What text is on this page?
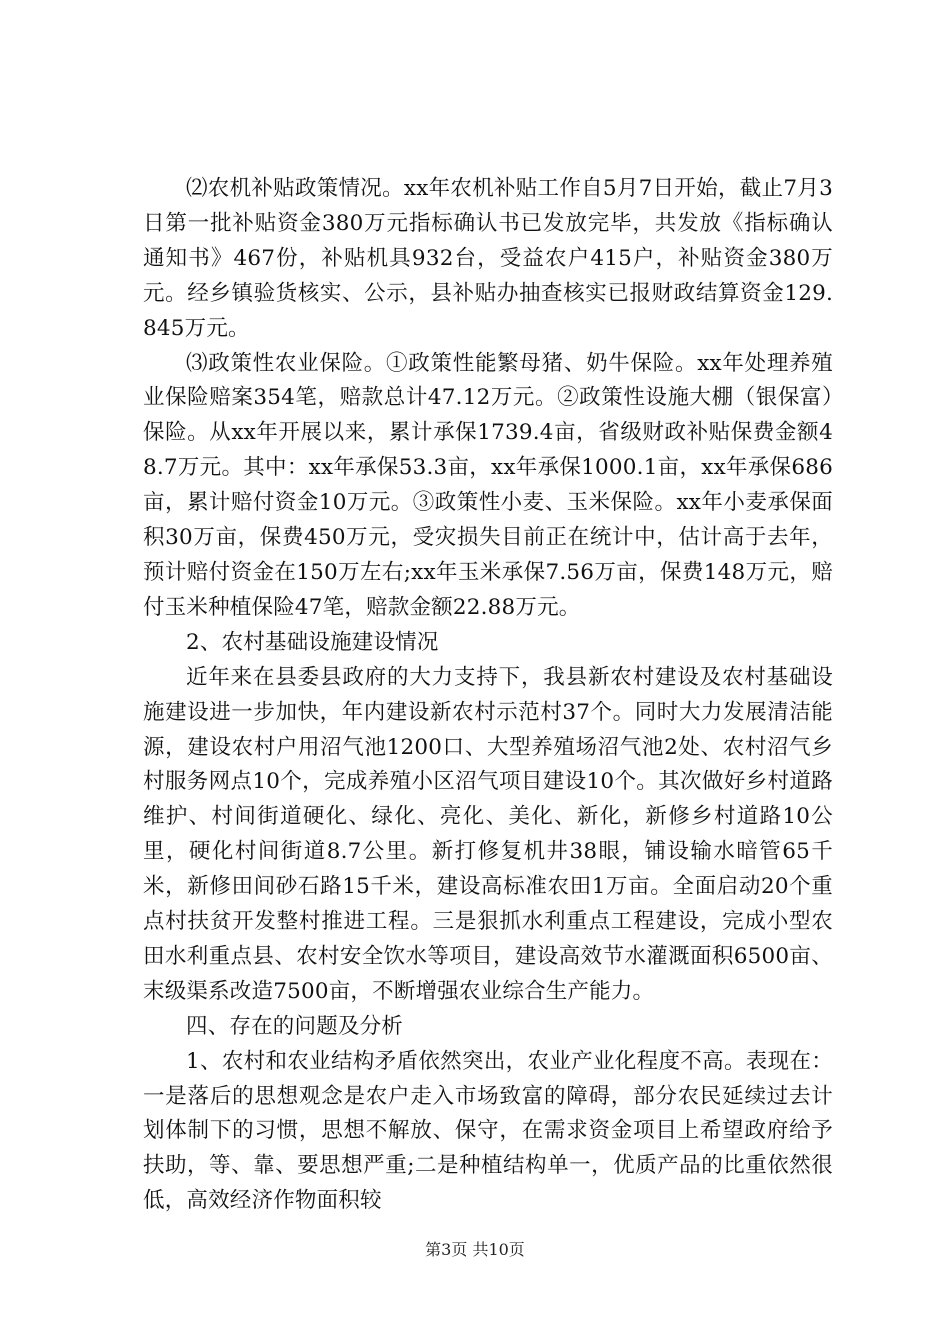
⑵农机补贴政策情况。xx年农机补贴工作自5月7日开始，截止7月3日第一批补贴资金380万元指标确认书已发放完毕，共发放《指标确认通知书》467份，补贴机具932台，受益农户415户，补贴资金380万元。经乡镇验货核实、公示，县补贴办抽查核实已报财政结算资金129.845万元。

⑶政策性农业保险。①政策性能繁母猪、奶牛保险。xx年处理养殖业保险赔案354笔，赔款总计47.12万元。②政策性设施大棚（银保富）保险。从xx年开展以来，累计承保1739.4亩，省级财政补贴保费金额48.7万元。其中：xx年承保53.3亩，xx年承保1000.1亩，xx年承保686亩，累计赔付资金10万元。③政策性小麦、玉米保险。xx年小麦承保面积30万亩，保费450万元，受灾损失目前正在统计中，估计高于去年，预计赔付资金在150万左右;xx年玉米承保7.56万亩，保费148万元，赔付玉米种植保险47笔，赔款金额22.88万元。

2、农村基础设施建设情况

近年来在县委县政府的大力支持下，我县新农村建设及农村基础设施建设进一步加快，年内建设新农村示范村37个。同时大力发展清洁能源，建设农村户用沼气池1200口、大型养殖场沼气池2处、农村沼气乡村服务网点10个，完成养殖小区沼气项目建设10个。其次做好乡村道路维护、村间街道硬化、绿化、亮化、美化、新化，新修乡村道路10公里，硬化村间街道8.7公里。新打修复机井38眼，铺设输水暗管65千米，新修田间砂石路15千米，建设高标准农田1万亩。全面启动20个重点村扶贫开发整村推进工程。三是狠抓水利重点工程建设，完成小型农田水利重点县、农村安全饮水等项目，建设高效节水灌溉面积6500亩、末级渠系改造7500亩，不断增强农业综合生产能力。

四、存在的问题及分析

1、农村和农业结构矛盾依然突出，农业产业化程度不高。表现在：一是落后的思想观念是农户走入市场致富的障碍，部分农民延续过去计划体制下的习惯，思想不解放、保守，在需求资金项目上希望政府给予扶助，等、靠、要思想严重;二是种植结构单一，优质产品的比重依然很低，高效经济作物面积较

第3页 共10页
